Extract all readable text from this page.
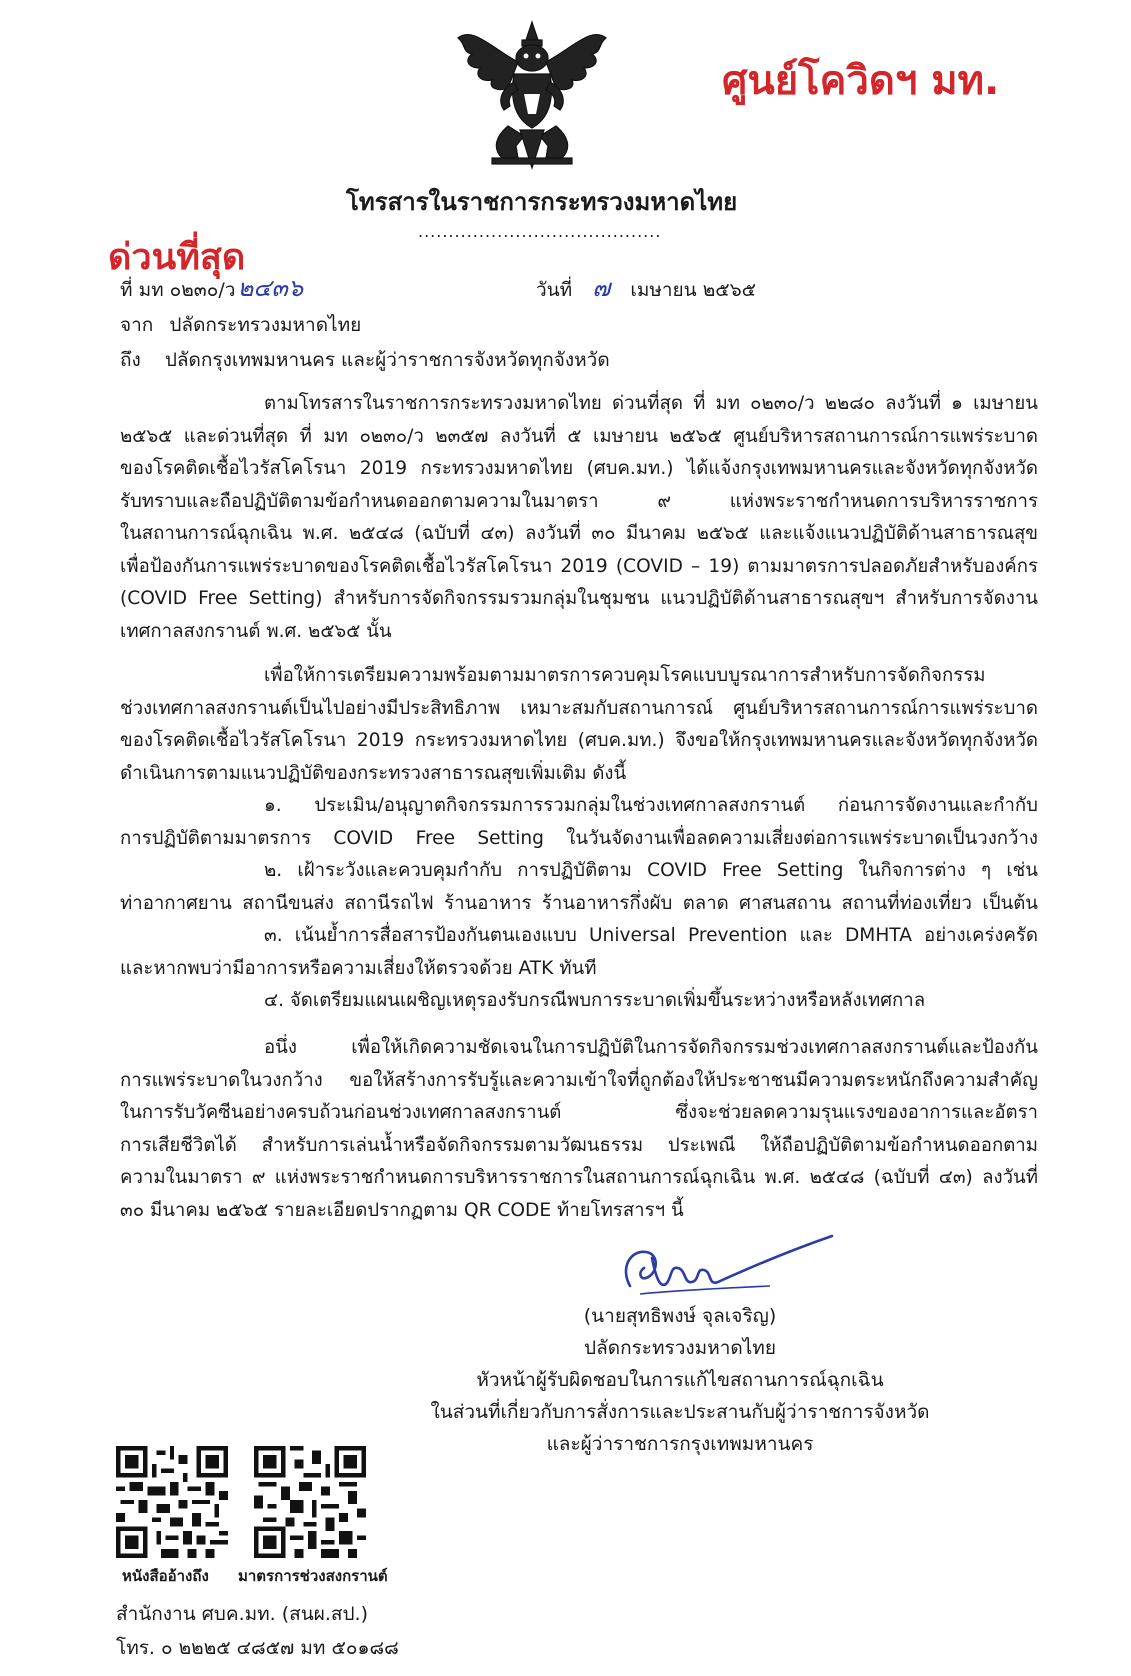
ศูนย์โควิดฯ มท.
โทรสารในราชการกระทรวงมหาดไทย
........................................
ด่วนที่สุด
ที่ มท ๐๒๓๐/ว๒๔๓๖	วันที่ ๗ เมษายน ๒๕๖๕
จาก ปลัดกระทรวงมหาดไทย
ถึง ปลัดกรุงเทพมหานคร และผู้ว่าราชการจังหวัดทุกจังหวัด
ตามโทรสารในราชการกระทรวงมหาดไทย ด่วนที่สุด ที่ มท ๐๒๓๐/ว ๒๒๘๐ ลงวันที่ ๑ เมษายน
๒๕๖๕ และด่วนที่สุด ที่ มท ๐๒๓๐/ว ๒๓๕๗ ลงวันที่ ๕ เมษายน ๒๕๖๕ ศูนย์บริหารสถานการณ์การแพร่ระบาด
ของโรคติดเชื้อไวรัสโคโรนา 2019 กระทรวงมหาดไทย (ศบค.มท.) ได้แจ้งกรุงเทพมหานครและจังหวัดทุกจังหวัด
รับทราบและถือปฏิบัติตามข้อกำหนดออกตามความในมาตรา ๙ แห่งพระราชกำหนดการบริหารราชการ
ในสถานการณ์ฉุกเฉิน พ.ศ. ๒๕๔๘ (ฉบับที่ ๔๓) ลงวันที่ ๓๐ มีนาคม ๒๕๖๕ และแจ้งแนวปฏิบัติด้านสาธารณสุข
เพื่อป้องกันการแพร่ระบาดของโรคติดเชื้อไวรัสโคโรนา 2019 (COVID – 19) ตามมาตรการปลอดภัยสำหรับองค์กร
(COVID Free Setting) สำหรับการจัดกิจกรรมรวมกลุ่มในชุมชน แนวปฏิบัติด้านสาธารณสุขฯ สำหรับการจัดงาน
เทศกาลสงกรานต์ พ.ศ. ๒๕๖๕ นั้น
เพื่อให้การเตรียมความพร้อมตามมาตรการควบคุมโรคแบบบูรณาการสำหรับการจัดกิจกรรม
ช่วงเทศกาลสงกรานต์เป็นไปอย่างมีประสิทธิภาพ เหมาะสมกับสถานการณ์ ศูนย์บริหารสถานการณ์การแพร่ระบาด
ของโรคติดเชื้อไวรัสโคโรนา 2019 กระทรวงมหาดไทย (ศบค.มท.) จึงขอให้กรุงเทพมหานครและจังหวัดทุกจังหวัด
ดำเนินการตามแนวปฏิบัติของกระทรวงสาธารณสุขเพิ่มเติม ดังนี้
๑. ประเมิน/อนุญาตกิจกรรมการรวมกลุ่มในช่วงเทศกาลสงกรานต์ ก่อนการจัดงานและกำกับ
การปฏิบัติตามมาตรการ COVID Free Setting ในวันจัดงานเพื่อลดความเสี่ยงต่อการแพร่ระบาดเป็นวงกว้าง
๒. เฝ้าระวังและควบคุมกำกับ การปฏิบัติตาม COVID Free Setting ในกิจการต่าง ๆ เช่น
ท่าอากาศยาน สถานีขนส่ง สถานีรถไฟ ร้านอาหาร ร้านอาหารกึ่งผับ ตลาด ศาสนสถาน สถานที่ท่องเที่ยว เป็นต้น
๓. เน้นย้ำการสื่อสารป้องกันตนเองแบบ Universal Prevention และ DMHTA อย่างเคร่งครัด
และหากพบว่ามีอาการหรือความเสี่ยงให้ตรวจด้วย ATK ทันที
๔. จัดเตรียมแผนเผชิญเหตุรองรับกรณีพบการระบาดเพิ่มขึ้นระหว่างหรือหลังเทศกาล
อนึ่ง เพื่อให้เกิดความชัดเจนในการปฏิบัติในการจัดกิจกรรมช่วงเทศกาลสงกรานต์และป้องกัน
การแพร่ระบาดในวงกว้าง ขอให้สร้างการรับรู้และความเข้าใจที่ถูกต้องให้ประชาชนมีความตระหนักถึงความสำคัญ
ในการรับวัคซีนอย่างครบถ้วนก่อนช่วงเทศกาลสงกรานต์ ซึ่งจะช่วยลดความรุนแรงของอาการและอัตรา
การเสียชีวิตได้ สำหรับการเล่นน้ำหรือจัดกิจกรรมตามวัฒนธรรม ประเพณี ให้ถือปฏิบัติตามข้อกำหนดออกตาม
ความในมาตรา ๙ แห่งพระราชกำหนดการบริหารราชการในสถานการณ์ฉุกเฉิน พ.ศ. ๒๕๔๘ (ฉบับที่ ๔๓) ลงวันที่
๓๐ มีนาคม ๒๕๖๕ รายละเอียดปรากฏตาม QR CODE ท้ายโทรสารฯ นี้
(นายสุทธิพงษ์ จุลเจริญ)
ปลัดกระทรวงมหาดไทย
หัวหน้าผู้รับผิดชอบในการแก้ไขสถานการณ์ฉุกเฉิน
ในส่วนที่เกี่ยวกับการสั่งการและประสานกับผู้ว่าราชการจังหวัด
และผู้ว่าราชการกรุงเทพมหานคร
หนังสืออ้างถึง มาตรการช่วงสงกรานต์
สำนักงาน ศบค.มท. (สนผ.สป.)
โทร. ๐ ๒๒๒๕ ๔๘๕๗ มท ๕๐๑๘๘
